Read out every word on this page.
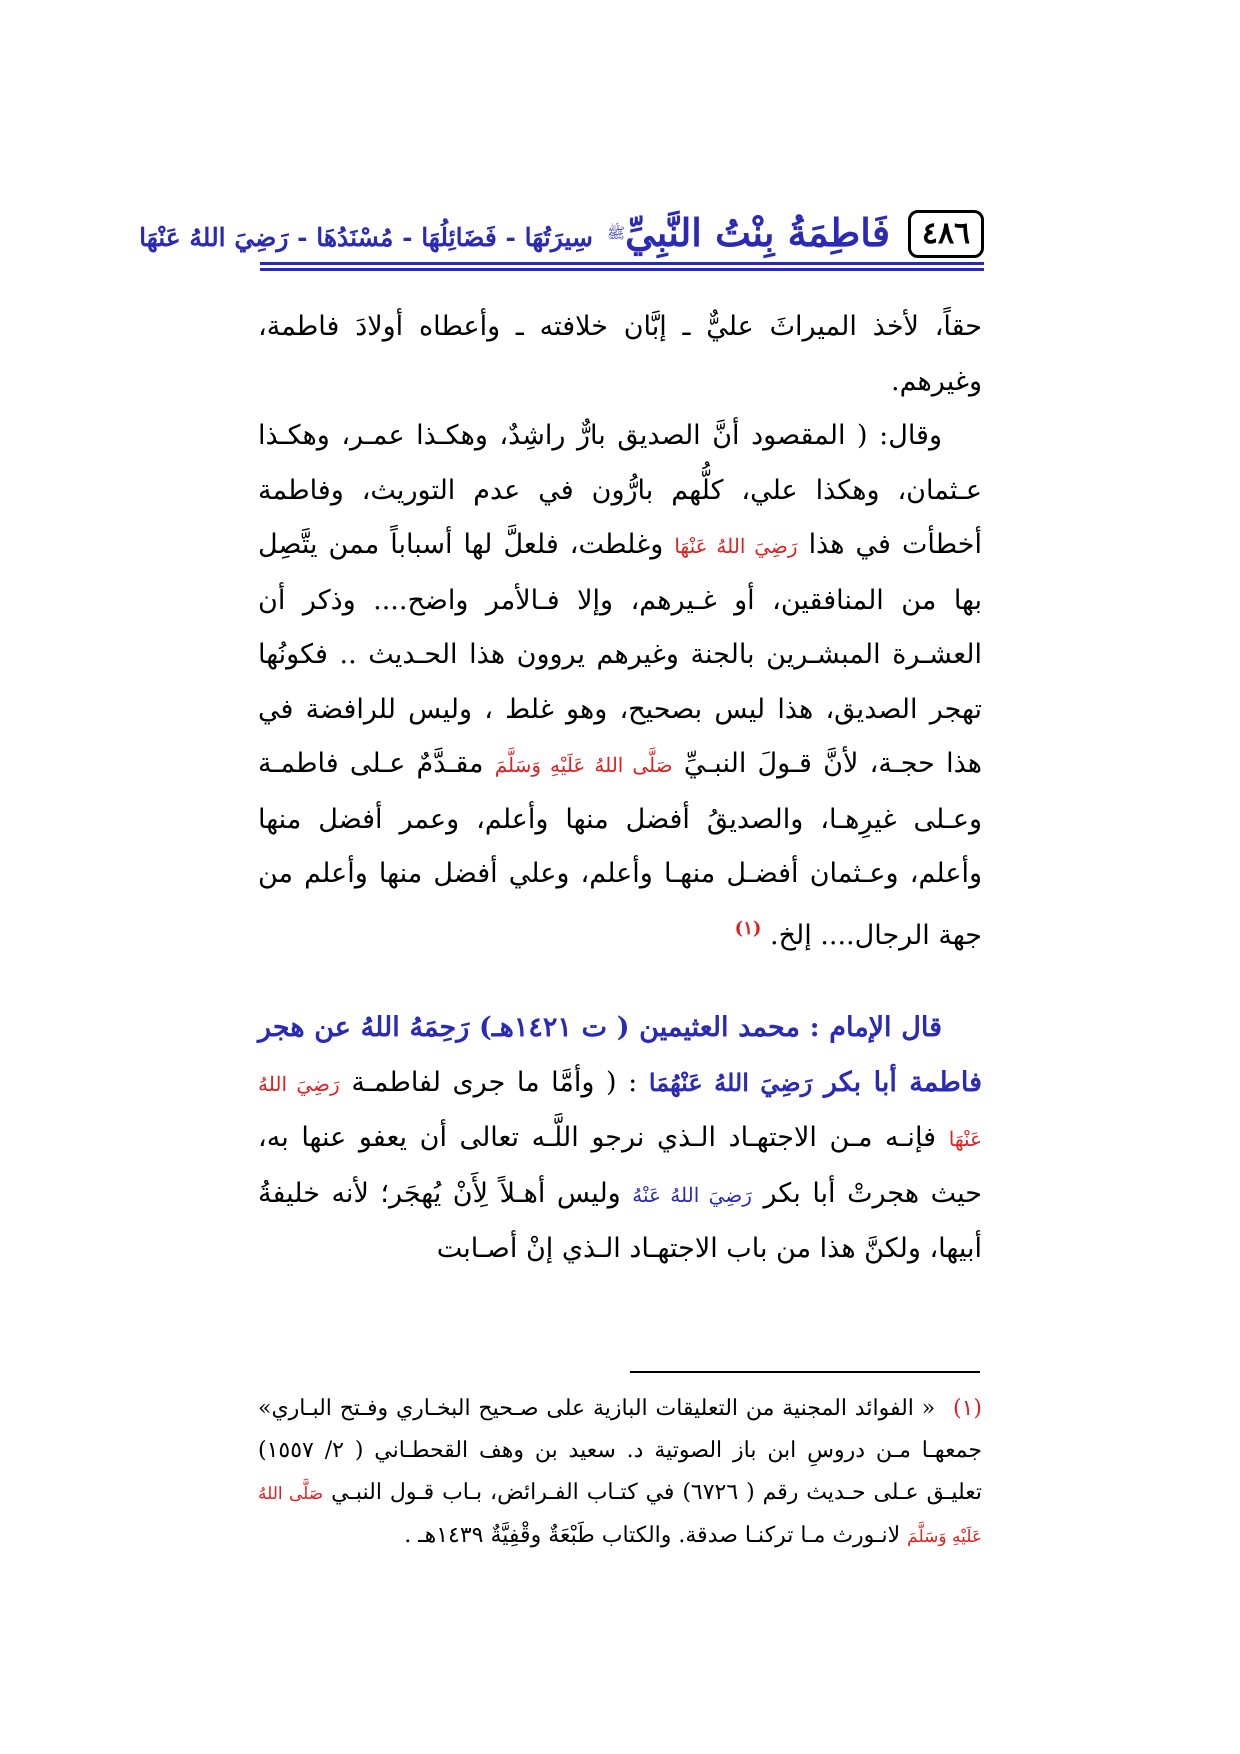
٤٨٦
فَاطِمَةُ بِنْتُ النَّبِيِّﷺسِيرَتُهَا - فَضَائِلُهَا - مُسْنَدُهَا - رَضِيَ اللهُ عَنْهَا

حقاً، لأخذ الميراثَ عليٌّ ـ إبَّان خلافته ـ وأعطاه أولادَ فاطمة، وغيرهم.

وقال: ( المقصود أنَّ الصديق بارٌّ راشِدٌ، وهكـذا عمـر، وهكـذا عـثمان، وهكذا علي، كلُّهم بارُّون في عدم التوريث، وفاطمة أخطأت في هذا رَضِيَ اللهُ عَنْهَا وغلطت، فلعلَّ لها أسباباً ممن يتَّصِل بها من المنافقين، أو غـيرهم، وإلا فـالأمر واضح.... وذكر أن العشـرة المبشـرين بالجنة وغيرهم يروون هذا الحـديث .. فكونُها تهجر الصديق، هذا ليس بصحيح، وهو غلط ، وليس للرافضة في هذا حجـة، لأنَّ قـولَ النبـيِّ صَلَّى اللهُ عَلَيْهِ وَسَلَّمَ مقـدَّمٌ عـلى فاطمـة وعـلى غيرِهـا، والصديقُ أفضل منها وأعلم، وعمر أفضل منها وأعلم، وعـثمان أفضـل منهـا وأعلم، وعلي أفضل منها وأعلم من جهة الرجال.... إلخ. $^{(١)}$

قال الإمام : محمد العثيمين ( ت ١٤٢١هـ) رَحِمَهُ اللهُ عن هجر فاطمة أبا بكر رَضِيَ اللهُ عَنْهُمَا : ( وأمَّا ما جرى لفاطمـة رَضِيَ اللهُ عَنْهَا فإنـه مـن الاجتهـاد الـذي نرجو اللَّـه تعالى أن يعفو عنها به، حيث هجرتْ أبا بكر رَضِيَ اللهُ عَنْهُ وليس أهـلاً لِأَنْ يُهجَر؛ لأنه خليفةُ أبيها، ولكنَّ هذا من باب الاجتهـاد الـذي إنْ أصـابت

(١) « الفوائد المجنية من التعليقات البازية على صـحيح البخـاري وفـتح البـاري» جمعهـا مـن دروسِ ابن باز الصوتية د. سعيد بن وهف القحطـاني ( ٢/ ١٥٥٧) تعليـق عـلى حـديث رقم ( ٦٧٢٦) في كتـاب الفـرائض، بـاب قـول النبـي صَلَّى اللهُ عَلَيْهِ وَسَلَّمَ لانـورث مـا تركنـا صدقة. والكتاب طَبْعَةٌ وقْفِيَّةٌ ١٤٣٩هـ .
